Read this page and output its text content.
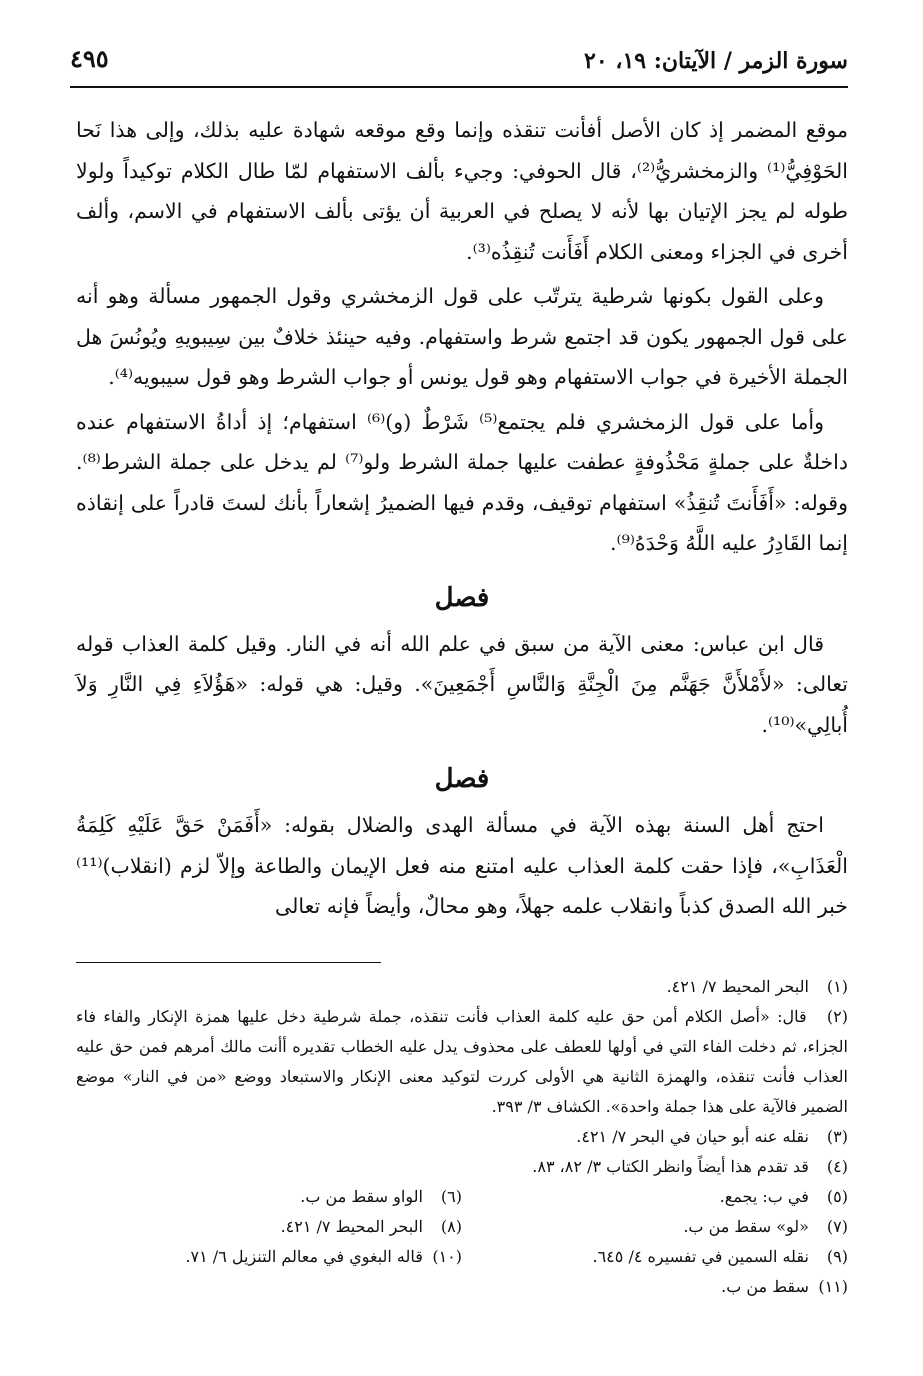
سورة الزمر / الآيتان: ١٩، ٢٠
٤٩٥

موقع المضمر إذ كان الأصل أفأنت تنقذه وإنما وقع موقعه شهادة عليه بذلك، وإلى هذا نَحا الحَوْفِيُّ⁽¹⁾ والزمخشريُّ⁽²⁾، قال الحوفي: وجيء بألف الاستفهام لمّا طال الكلام توكيداً ولولا طوله لم يجز الإتيان بها لأنه لا يصلح في العربية أن يؤتى بألف الاستفهام في الاسم، وألف أخرى في الجزاء ومعنى الكلام أَفَأَنت تُنقِذُه⁽³⁾.

وعلى القول بكونها شرطية يترتّب على قول الزمخشري وقول الجمهور مسألة وهو أنه على قول الجمهور يكون قد اجتمع شرط واستفهام. وفيه حينئذ خلافٌ بين سِيبويهِ ويُونُسَ هل الجملة الأخيرة في جواب الاستفهام وهو قول يونس أو جواب الشرط وهو قول سيبويه⁽⁴⁾.

وأما على قول الزمخشري فلم يجتمع⁽⁵⁾ شَرْطٌ (و)⁽⁶⁾ استفهام؛ إذ أداةُ الاستفهام عنده داخلةٌ على جملةٍ مَحْذُوفةٍ عطفت عليها جملة الشرط ولو⁽⁷⁾ لم يدخل على جملة الشرط⁽⁸⁾. وقوله: «أَفَأَنتَ تُنقِذُ» استفهام توقيف، وقدم فيها الضميرُ إشعاراً بأنك لستَ قادراً على إنقاذه إنما القَادِرُ عليه اللَّهُ وَحْدَهُ⁽⁹⁾.

فصل

قال ابن عباس: معنى الآية من سبق في علم الله أنه في النار. وقيل كلمة العذاب قوله تعالى: «لأَمْلأَنَّ جَهَنَّم مِنَ الْجِنَّةِ وَالنَّاسِ أَجْمَعِينَ». وقيل: هي قوله: «هَؤُلاَءِ فِي النَّارِ وَلاَ أُبالِي»⁽¹⁰⁾.

فصل

احتج أهل السنة بهذه الآية في مسألة الهدى والضلال بقوله: «أَفَمَنْ حَقَّ عَلَيْهِ كَلِمَةُ الْعَذَابِ»، فإذا حقت كلمة العذاب عليه امتنع منه فعل الإيمان والطاعة وإلاّ لزم (انقلاب)⁽¹¹⁾ خبر الله الصدق كذباً وانقلاب علمه جهلاً، وهو محالٌ، وأيضاً فإنه تعالى

(١) البحر المحيط ٧/ ٤٢١.

(٢) قال: «أصل الكلام أمن حق عليه كلمة العذاب فأنت تنقذه، جملة شرطية دخل عليها همزة الإنكار والفاء فاء الجزاء، ثم دخلت الفاء التي في أولها للعطف على محذوف يدل عليه الخطاب تقديره أأنت مالك أمرهم فمن حق عليه العذاب فأنت تنقذه، والهمزة الثانية هي الأولى كررت لتوكيد معنى الإنكار والاستبعاد ووضع «من في النار» موضع الضمير فالآية على هذا جملة واحدة». الكشاف ٣/ ٣٩٣.

(٣) نقله عنه أبو حيان في البحر ٧/ ٤٢١.

(٤) قد تقدم هذا أيضاً وانظر الكتاب ٣/ ٨٢، ٨٣.

(٥) في ب: يجمع.

(٦) الواو سقط من ب.

(٧) «لو» سقط من ب.

(٨) البحر المحيط ٧/ ٤٢١.

(٩) نقله السمين في تفسيره ٤/ ٦٤٥.

(١٠) قاله البغوي في معالم التنزيل ٦/ ٧١.

(١١) سقط من ب.
